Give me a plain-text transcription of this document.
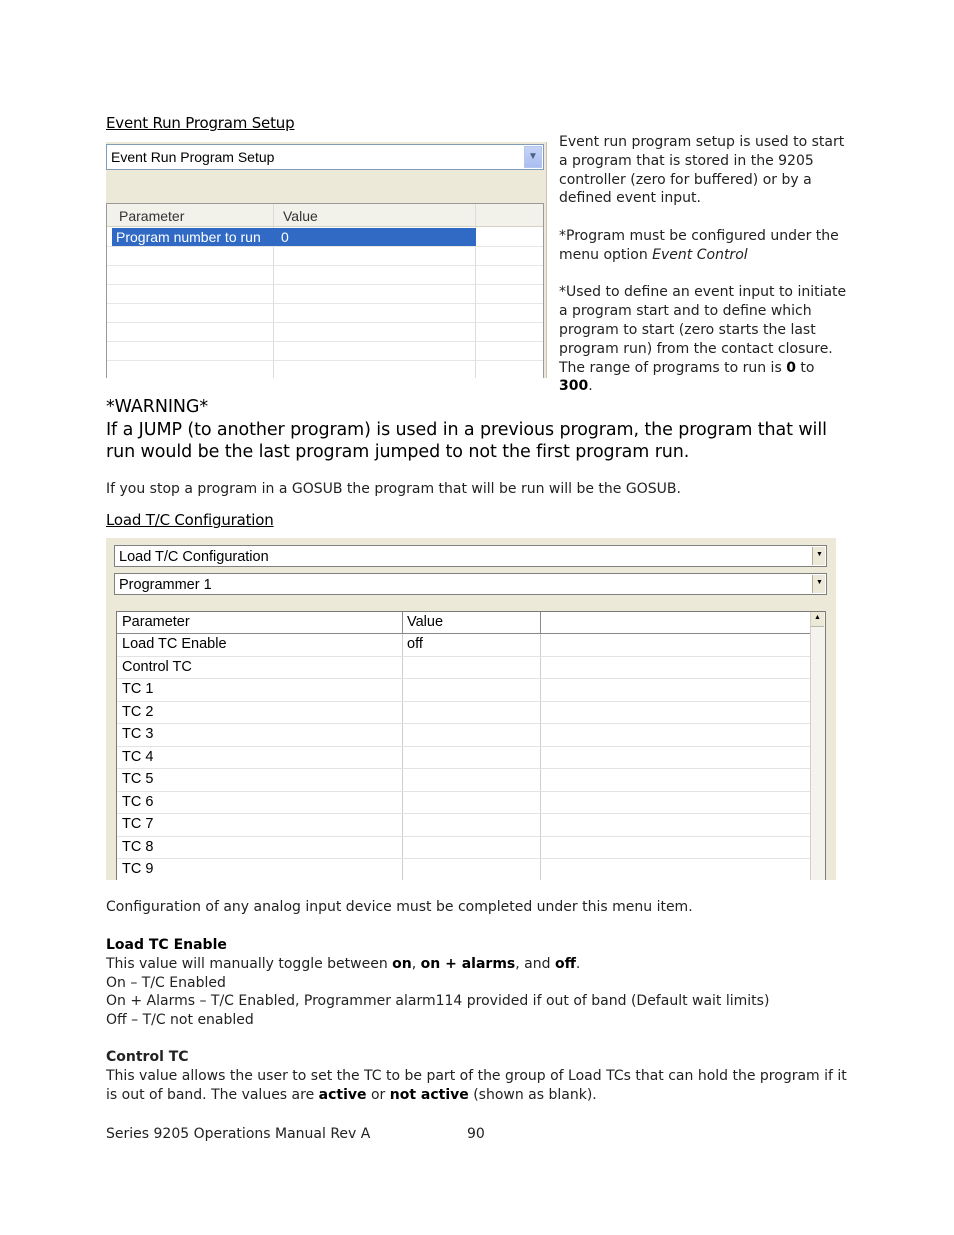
Event Run Program Setup
Event Run Program Setup	▼
Parameter	Value
Program number to run 0
Event run program setup is used to start a program that is stored in the 9205 controller (zero for buffered) or by a defined event input.
*Program must be configured under the menu option Event Control
*Used to define an event input to initiate a program start and to define which program to start (zero starts the last program run) from the contact closure. The range of programs to run is 0 to 300.
*WARNING*
If a JUMP (to another program) is used in a previous program, the program that will run would be the last program jumped to not the first program run.
If you stop a program in a GOSUB the program that will be run will be the GOSUB.
Load T/C Configuration
Load T/C Configuration	▼
Programmer 1	▼
Parameter	Value
Load TC Enable	off
Control TC
TC 1
TC 2
TC 3
TC 4
TC 5
TC 6
TC 7
TC 8
TC 9
▲
Configuration of any analog input device must be completed under this menu item.
Load TC Enable
This value will manually toggle between on, on + alarms, and off.
On – T/C Enabled
On + Alarms – T/C Enabled, Programmer alarm114 provided if out of band (Default wait limits)
Off – T/C not enabled
Control TC
This value allows the user to set the TC to be part of the group of Load TCs that can hold the program if it is out of band. The values are active or not active (shown as blank).
Series 9205 Operations Manual Rev A	90
